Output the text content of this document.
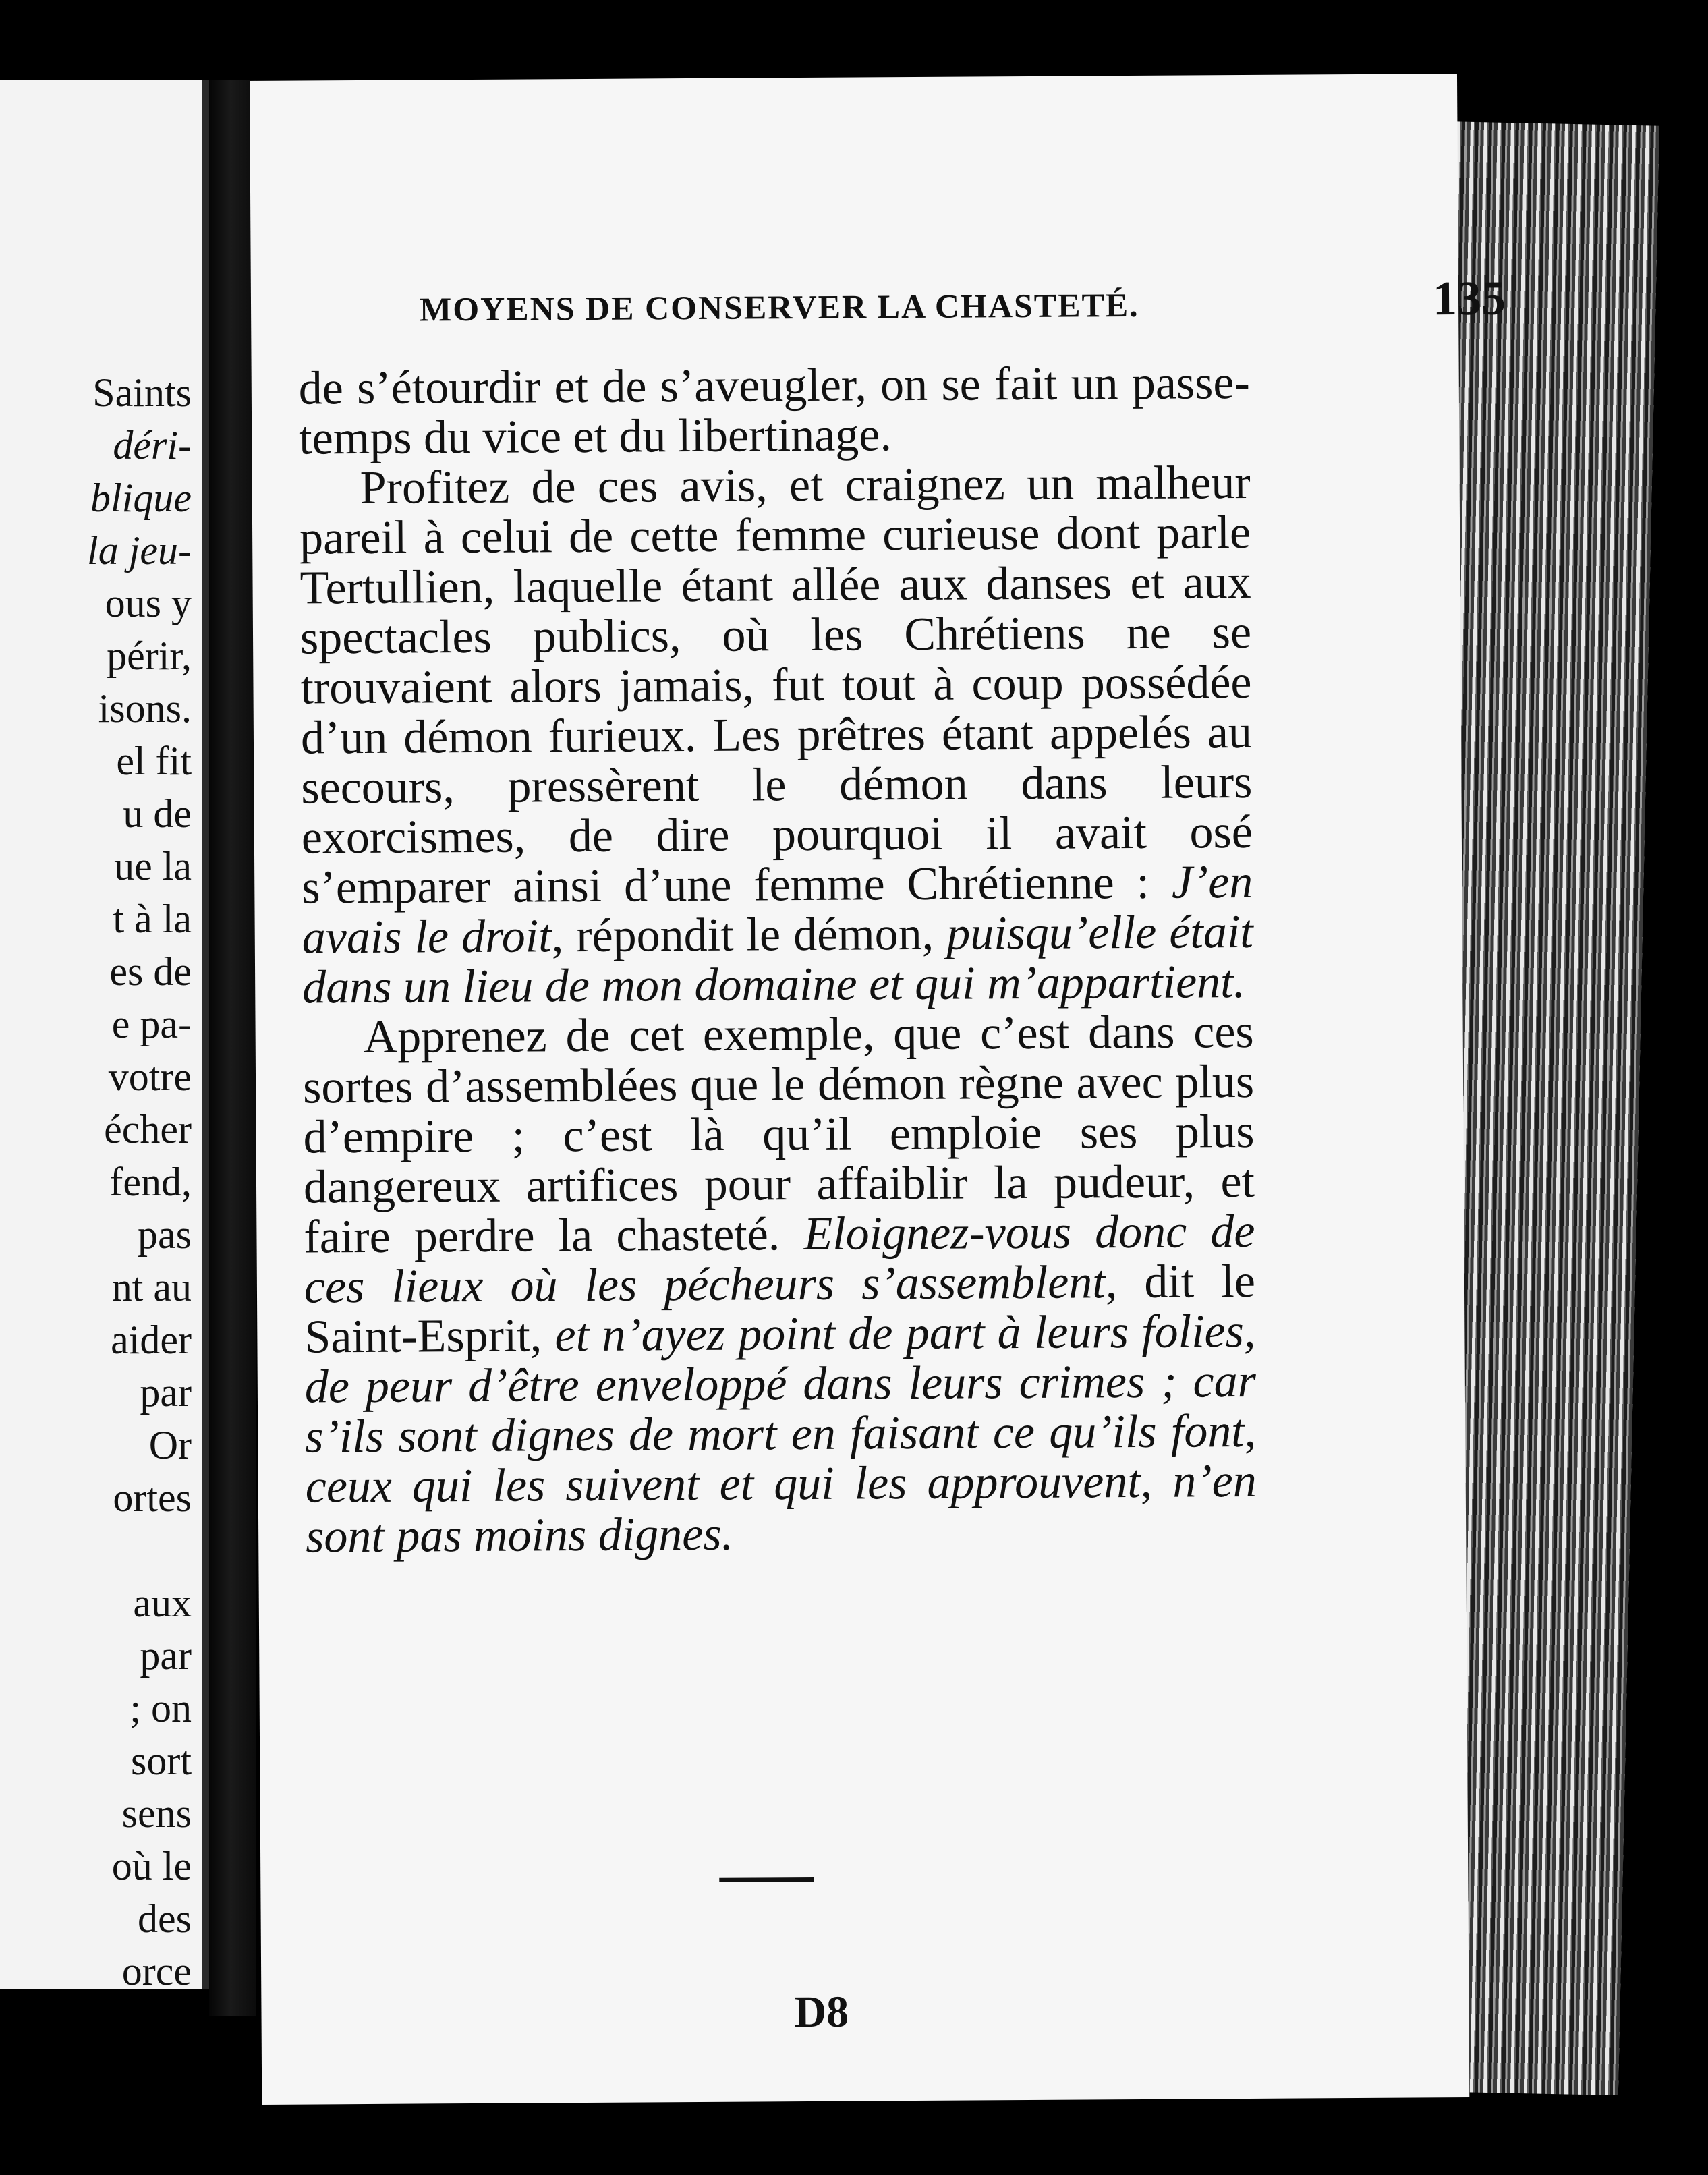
Saints
déri-
blique
la jeu-
ous y
périr,
isons.
el fit
u de
ue la
t à la
es de
e pa-
votre
écher
fend,
pas
nt au
aider
par
Or
ortes

aux
par
; on
sort
sens
où le
des
orce
MOYENS DE CONSERVER LA CHASTETÉ.	135

de s’étourdir et de s’aveugler, on se fait un passe-temps du vice et du libertinage.

Profitez de ces avis, et craignez un malheur pareil à celui de cette femme curieuse dont parle Tertullien, laquelle étant allée aux danses et aux spectacles publics, où les Chrétiens ne se trouvaient alors jamais, fut tout à coup possédée d’un démon furieux. Les prêtres étant appelés au secours, pressèrent le démon dans leurs exorcismes, de dire pourquoi il avait osé s’emparer ainsi d’une femme Chrétienne : J’en avais le droit, répondit le démon, puisqu’elle était dans un lieu de mon domaine et qui m’appartient.

Apprenez de cet exemple, que c’est dans ces sortes d’assemblées que le démon règne avec plus d’empire ; c’est là qu’il emploie ses plus dangereux artifices pour affaiblir la pudeur, et faire perdre la chasteté. Eloignez-vous donc de ces lieux où les pécheurs s’assemblent, dit le Saint-Esprit, et n’ayez point de part à leurs folies, de peur d’être enveloppé dans leurs crimes ; car s’ils sont dignes de mort en faisant ce qu’ils font, ceux qui les suivent et qui les approuvent, n’en sont pas moins dignes.

D8
